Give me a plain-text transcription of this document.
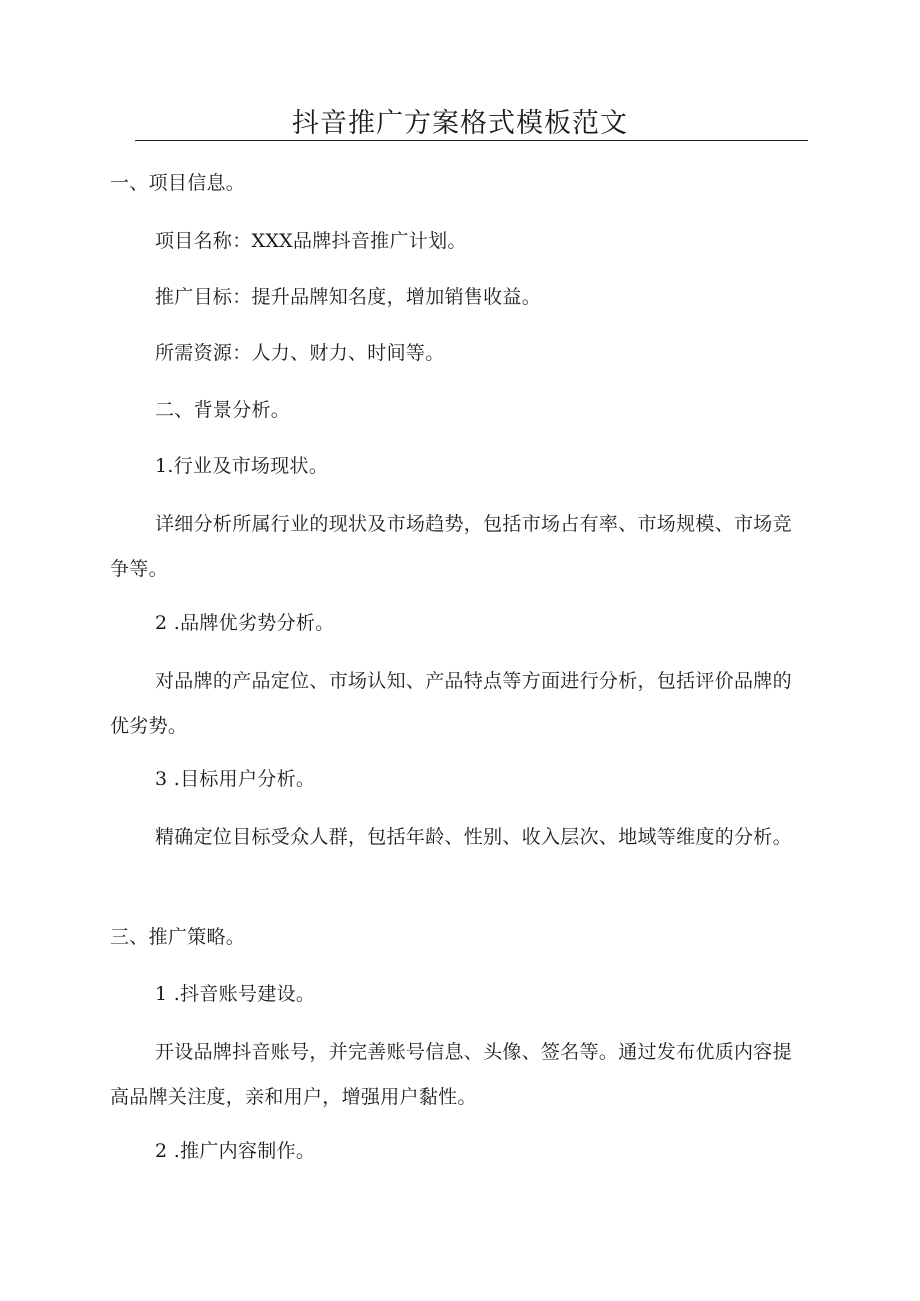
抖音推广方案格式模板范文

一、项目信息。

项目名称：XXX品牌抖音推广计划。

推广目标：提升品牌知名度，增加销售收益。

所需资源：人力、财力、时间等。

二、背景分析。

1.行业及市场现状。

详细分析所属行业的现状及市场趋势，包括市场占有率、市场规模、市场竞争等。

2 .品牌优劣势分析。

对品牌的产品定位、市场认知、产品特点等方面进行分析，包括评价品牌的优劣势。

3 .目标用户分析。

精确定位目标受众人群，包括年龄、性别、收入层次、地域等维度的分析。

三、推广策略。

1 .抖音账号建设。

开设品牌抖音账号，并完善账号信息、头像、签名等。通过发布优质内容提高品牌关注度，亲和用户，增强用户黏性。

2 .推广内容制作。
